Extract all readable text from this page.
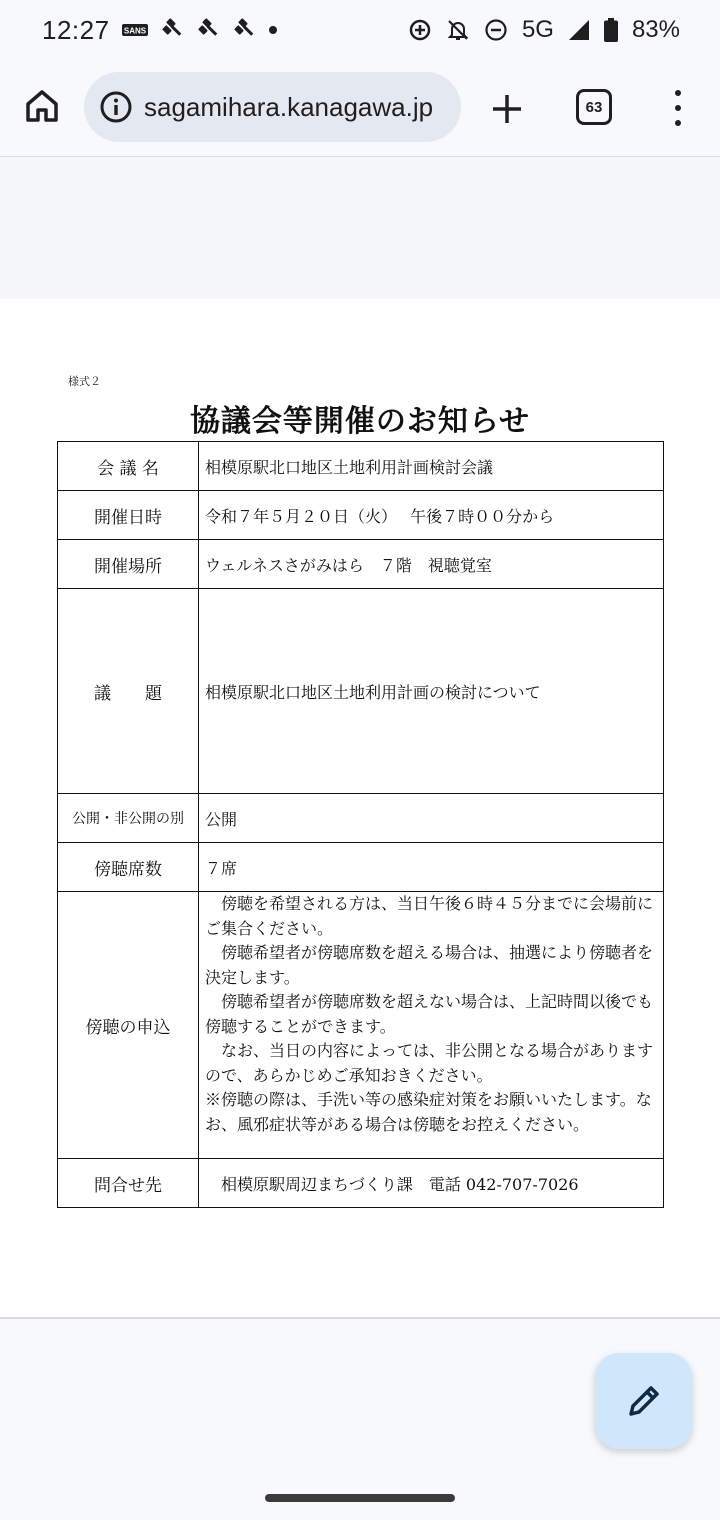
12:27 SANS	5G	83%
sagamihara.kanagawa.jp	63
様式２
協議会等開催のお知らせ
会 議 名	相模原駅北口地区土地利用計画検討会議
開催日時	令和７年５月２０日（火）　 午後７時００分から
開催場所	ウェルネスさがみはら　７階　視聴覚室
議　　題	相模原駅北口地区土地利用計画の検討について
公開・非公開の別	公開
傍聴席数	７席
傍聴の申込	　傍聴を希望される方は、当日午後６時４５分までに会場前にご集合ください。

　傍聴希望者が傍聴席数を超える場合は、抽選により傍聴者を決定します。

　傍聴希望者が傍聴席数を超えない場合は、上記時間以後でも傍聴することができます。

　なお、当日の内容によっては、非公開となる場合がありますので、あらかじめご承知おきください。

※傍聴の際は、手洗い等の感染症対策をお願いいたします。なお、風邪症状等がある場合は傍聴をお控えください。

問合せ先	　相模原駅周辺まちづくり課　電話 042-707-7026
